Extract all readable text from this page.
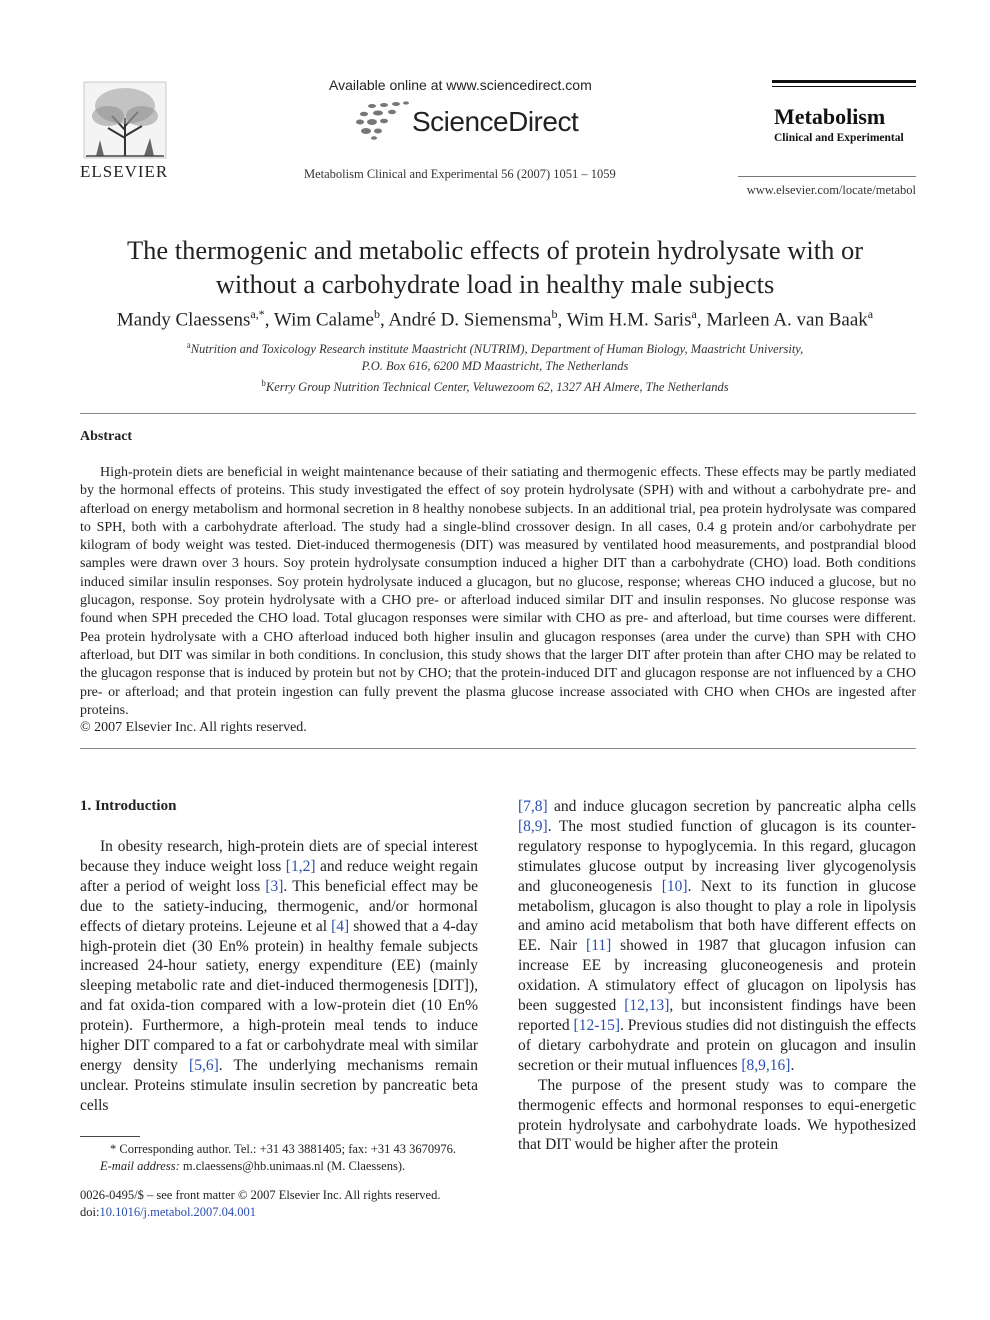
ELSEVIER
Available online at www.sciencedirect.com
ScienceDirect
Metabolism Clinical and Experimental 56 (2007) 1051 – 1059
Metabolism
Clinical and Experimental
www.elsevier.com/locate/metabol
The thermogenic and metabolic effects of protein hydrolysate with or
without a carbohydrate load in healthy male subjects
Mandy Claessens$^{a,*}$, Wim Calame$^b$, André D. Siemensma$^b$, Wim H.M. Saris$^a$, Marleen A. van Baak$^a$
$^a$Nutrition and Toxicology Research institute Maastricht (NUTRIM), Department of Human Biology, Maastricht University,
P.O. Box 616, 6200 MD Maastricht, The Netherlands
$^b$Kerry Group Nutrition Technical Center, Veluwezoom 62, 1327 AH Almere, The Netherlands
Abstract
High-protein diets are beneficial in weight maintenance because of their satiating and thermogenic effects. These effects may be partly mediated by the hormonal effects of proteins. This study investigated the effect of soy protein hydrolysate (SPH) with and without a carbohydrate pre- and afterload on energy metabolism and hormonal secretion in 8 healthy nonobese subjects. In an additional trial, pea protein hydrolysate was compared to SPH, both with a carbohydrate afterload. The study had a single-blind crossover design. In all cases, 0.4 g protein and/or carbohydrate per kilogram of body weight was tested. Diet-induced thermogenesis (DIT) was measured by ventilated hood measurements, and postprandial blood samples were drawn over 3 hours. Soy protein hydrolysate consumption induced a higher DIT than a carbohydrate (CHO) load. Both conditions induced similar insulin responses. Soy protein hydrolysate induced a glucagon, but no glucose, response; whereas CHO induced a glucose, but no glucagon, response. Soy protein hydrolysate with a CHO pre- or afterload induced similar DIT and insulin responses. No glucose response was found when SPH preceded the CHO load. Total glucagon responses were similar with CHO as pre- and afterload, but time courses were different. Pea protein hydrolysate with a CHO afterload induced both higher insulin and glucagon responses (area under the curve) than SPH with CHO afterload, but DIT was similar in both conditions. In conclusion, this study shows that the larger DIT after protein than after CHO may be related to the glucagon response that is induced by protein but not by CHO; that the protein-induced DIT and glucagon response are not influenced by a CHO pre- or afterload; and that protein ingestion can fully prevent the plasma glucose increase associated with CHO when CHOs are ingested after proteins.
© 2007 Elsevier Inc. All rights reserved.
1. Introduction

In obesity research, high-protein diets are of special interest because they induce weight loss [1,2] and reduce weight regain after a period of weight loss [3]. This beneficial effect may be due to the satiety-inducing, thermogenic, and/or hormonal effects of dietary proteins. Lejeune et al [4] showed that a 4-day high-protein diet (30 En% protein) in healthy female subjects increased 24-hour satiety, energy expenditure (EE) (mainly sleeping metabolic rate and diet-induced thermogenesis [DIT]), and fat oxida-tion compared with a low-protein diet (10 En% protein). Furthermore, a high-protein meal tends to induce higher DIT compared to a fat or carbohydrate meal with similar energy density [5,6]. The underlying mechanisms remain unclear. Proteins stimulate insulin secretion by pancreatic beta cells

[7,8] and induce glucagon secretion by pancreatic alpha cells [8,9]. The most studied function of glucagon is its counter-regulatory response to hypoglycemia. In this regard, glucagon stimulates glucose output by increasing liver glycogenolysis and gluconeogenesis [10]. Next to its function in glucose metabolism, glucagon is also thought to play a role in lipolysis and amino acid metabolism that both have different effects on EE. Nair [11] showed in 1987 that glucagon infusion can increase EE by increasing gluconeogenesis and protein oxidation. A stimulatory effect of glucagon on lipolysis has been suggested [12,13], but inconsistent findings have been reported [12-15]. Previous studies did not distinguish the effects of dietary carbohydrate and protein on glucagon and insulin secretion or their mutual influences [8,9,16].

The purpose of the present study was to compare the thermogenic effects and hormonal responses to equi-energetic protein hydrolysate and carbohydrate loads. We hypothesized that DIT would be higher after the protein

* Corresponding author. Tel.: +31 43 3881405; fax: +31 43 3670976.
E-mail address: m.claessens@hb.unimaas.nl (M. Claessens).
0026-0495/$ – see front matter © 2007 Elsevier Inc. All rights reserved.
doi:10.1016/j.metabol.2007.04.001
